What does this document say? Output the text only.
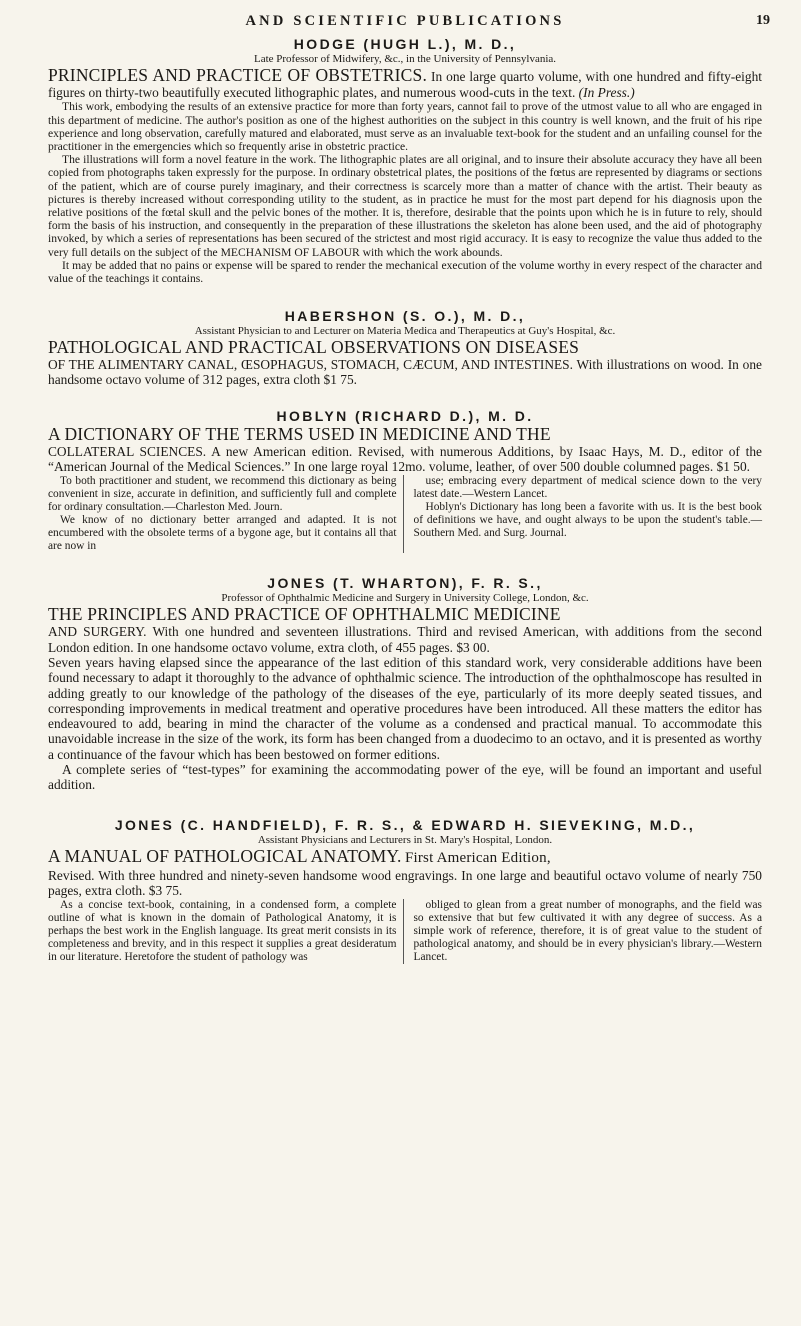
AND SCIENTIFIC PUBLICATIONS	19

HODGE (HUGH L.), M. D.,

Late Professor of Midwifery, &c., in the University of Pennsylvania.

PRINCIPLES AND PRACTICE OF OBSTETRICS. In one large quarto volume, with one hundred and fifty-eight figures on thirty-two beautifully executed lithographic plates, and numerous wood-cuts in the text. (In Press.)

This work, embodying the results of an extensive practice for more than forty years, cannot fail to prove of the utmost value to all who are engaged in this department of medicine. The author's position as one of the highest authorities on the subject in this country is well known, and the fruit of his ripe experience and long observation, carefully matured and elaborated, must serve as an invaluable text-book for the student and an unfailing counsel for the practitioner in the emergencies which so frequently arise in obstetric practice.

The illustrations will form a novel feature in the work. The lithographic plates are all original, and to insure their absolute accuracy they have all been copied from photographs taken expressly for the purpose. In ordinary obstetrical plates, the positions of the fœtus are represented by diagrams or sections of the patient, which are of course purely imaginary, and their correctness is scarcely more than a matter of chance with the artist. Their beauty as pictures is thereby increased without corresponding utility to the student, as in practice he must for the most part depend for his diagnosis upon the relative positions of the fœtal skull and the pelvic bones of the mother. It is, therefore, desirable that the points upon which he is in future to rely, should form the basis of his instruction, and consequently in the preparation of these illustrations the skeleton has alone been used, and the aid of photography invoked, by which a series of representations has been secured of the strictest and most rigid accuracy. It is easy to recognize the value thus added to the very full details on the subject of the MECHANISM OF LABOUR with which the work abounds.

It may be added that no pains or expense will be spared to render the mechanical execution of the volume worthy in every respect of the character and value of the teachings it contains.

HABERSHON (S. O.), M. D.,

Assistant Physician to and Lecturer on Materia Medica and Therapeutics at Guy's Hospital, &c.

PATHOLOGICAL AND PRACTICAL OBSERVATIONS ON DISEASES

OF THE ALIMENTARY CANAL, ŒSOPHAGUS, STOMACH, CÆCUM, AND INTESTINES. With illustrations on wood. In one handsome octavo volume of 312 pages, extra cloth $1 75.

HOBLYN (RICHARD D.), M. D.

A DICTIONARY OF THE TERMS USED IN MEDICINE AND THE

COLLATERAL SCIENCES. A new American edition. Revised, with numerous Additions, by Isaac Hays, M. D., editor of the “American Journal of the Medical Sciences.” In one large royal 12mo. volume, leather, of over 500 double columned pages. $1 50.

To both practitioner and student, we recommend this dictionary as being convenient in size, accurate in definition, and sufficiently full and complete for ordinary consultation.—Charleston Med. Journ.
We know of no dictionary better arranged and adapted. It is not encumbered with the obsolete terms of a bygone age, but it contains all that are now in

use; embracing every department of medical science down to the very latest date.—Western Lancet.
Hoblyn's Dictionary has long been a favorite with us. It is the best book of definitions we have, and ought always to be upon the student's table.—Southern Med. and Surg. Journal.

JONES (T. WHARTON), F. R. S.,

Professor of Ophthalmic Medicine and Surgery in University College, London, &c.

THE PRINCIPLES AND PRACTICE OF OPHTHALMIC MEDICINE

AND SURGERY. With one hundred and seventeen illustrations. Third and revised American, with additions from the second London edition. In one handsome octavo volume, extra cloth, of 455 pages. $3 00.

Seven years having elapsed since the appearance of the last edition of this standard work, very considerable additions have been found necessary to adapt it thoroughly to the advance of ophthalmic science. The introduction of the ophthalmoscope has resulted in adding greatly to our knowledge of the pathology of the diseases of the eye, particularly of its more deeply seated tissues, and corresponding improvements in medical treatment and operative procedures have been introduced. All these matters the editor has endeavoured to add, bearing in mind the character of the volume as a condensed and practical manual. To accommodate this unavoidable increase in the size of the work, its form has been changed from a duodecimo to an octavo, and it is presented as worthy a continuance of the favour which has been bestowed on former editions.

A complete series of “test-types” for examining the accommodating power of the eye, will be found an important and useful addition.

JONES (C. HANDFIELD), F. R. S., & EDWARD H. SIEVEKING, M.D.,

Assistant Physicians and Lecturers in St. Mary's Hospital, London.

A MANUAL OF PATHOLOGICAL ANATOMY. First American Edition,

Revised. With three hundred and ninety-seven handsome wood engravings. In one large and beautiful octavo volume of nearly 750 pages, extra cloth. $3 75.

As a concise text-book, containing, in a condensed form, a complete outline of what is known in the domain of Pathological Anatomy, it is perhaps the best work in the English language. Its great merit consists in its completeness and brevity, and in this respect it supplies a great desideratum in our literature. Heretofore the student of pathology was

obliged to glean from a great number of monographs, and the field was so extensive that but few cultivated it with any degree of success. As a simple work of reference, therefore, it is of great value to the student of pathological anatomy, and should be in every physician's library.—Western Lancet.
